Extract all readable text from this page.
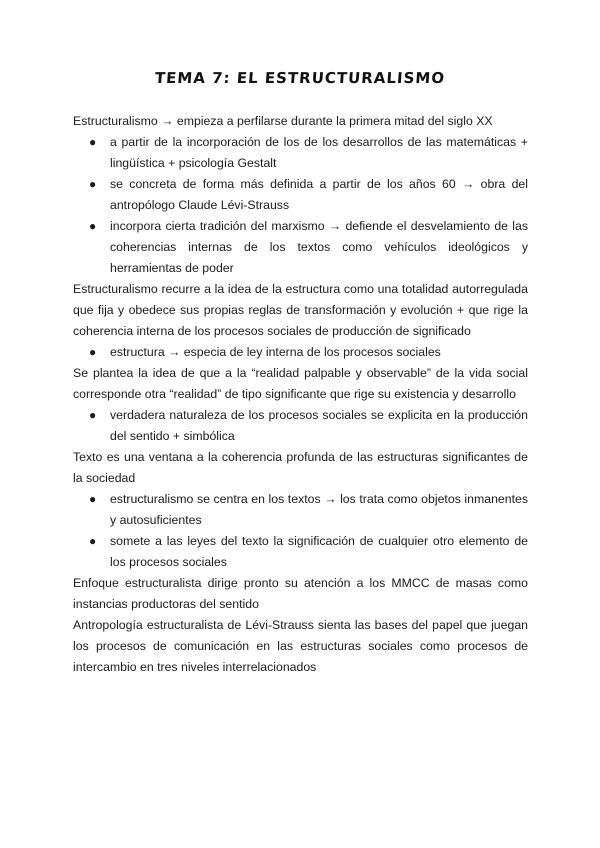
TEMA 7: EL ESTRUCTURALISMO

Estructuralismo → empieza a perfilarse durante la primera mitad del siglo XX

● a partir de la incorporación de los de los desarrollos de las matemáticas + lingüística + psicología Gestalt
● se concreta de forma más definida a partir de los años 60 → obra del antropólogo Claude Lévi-Strauss
● incorpora cierta tradición del marxismo → defiende el desvelamiento de las coherencias internas de los textos como vehículos ideológicos y herramientas de poder

Estructuralismo recurre a la idea de la estructura como una totalidad autorregulada que fija y obedece sus propias reglas de transformación y evolución + que rige la coherencia interna de los procesos sociales de producción de significado

● estructura → especia de ley interna de los procesos sociales

Se plantea la idea de que a la “realidad palpable y observable” de la vida social corresponde otra “realidad” de tipo significante que rige su existencia y desarrollo

● verdadera naturaleza de los procesos sociales se explicita en la producción del sentido + simbólica

Texto es una ventana a la coherencia profunda de las estructuras significantes de la sociedad

● estructuralismo se centra en los textos → los trata como objetos inmanentes y autosuficientes
● somete a las leyes del texto la significación de cualquier otro elemento de los procesos sociales

Enfoque estructuralista dirige pronto su atención a los MMCC de masas como instancias productoras del sentido

Antropología estructuralista de Lévi-Strauss sienta las bases del papel que juegan los procesos de comunicación en las estructuras sociales como procesos de intercambio en tres niveles interrelacionados
